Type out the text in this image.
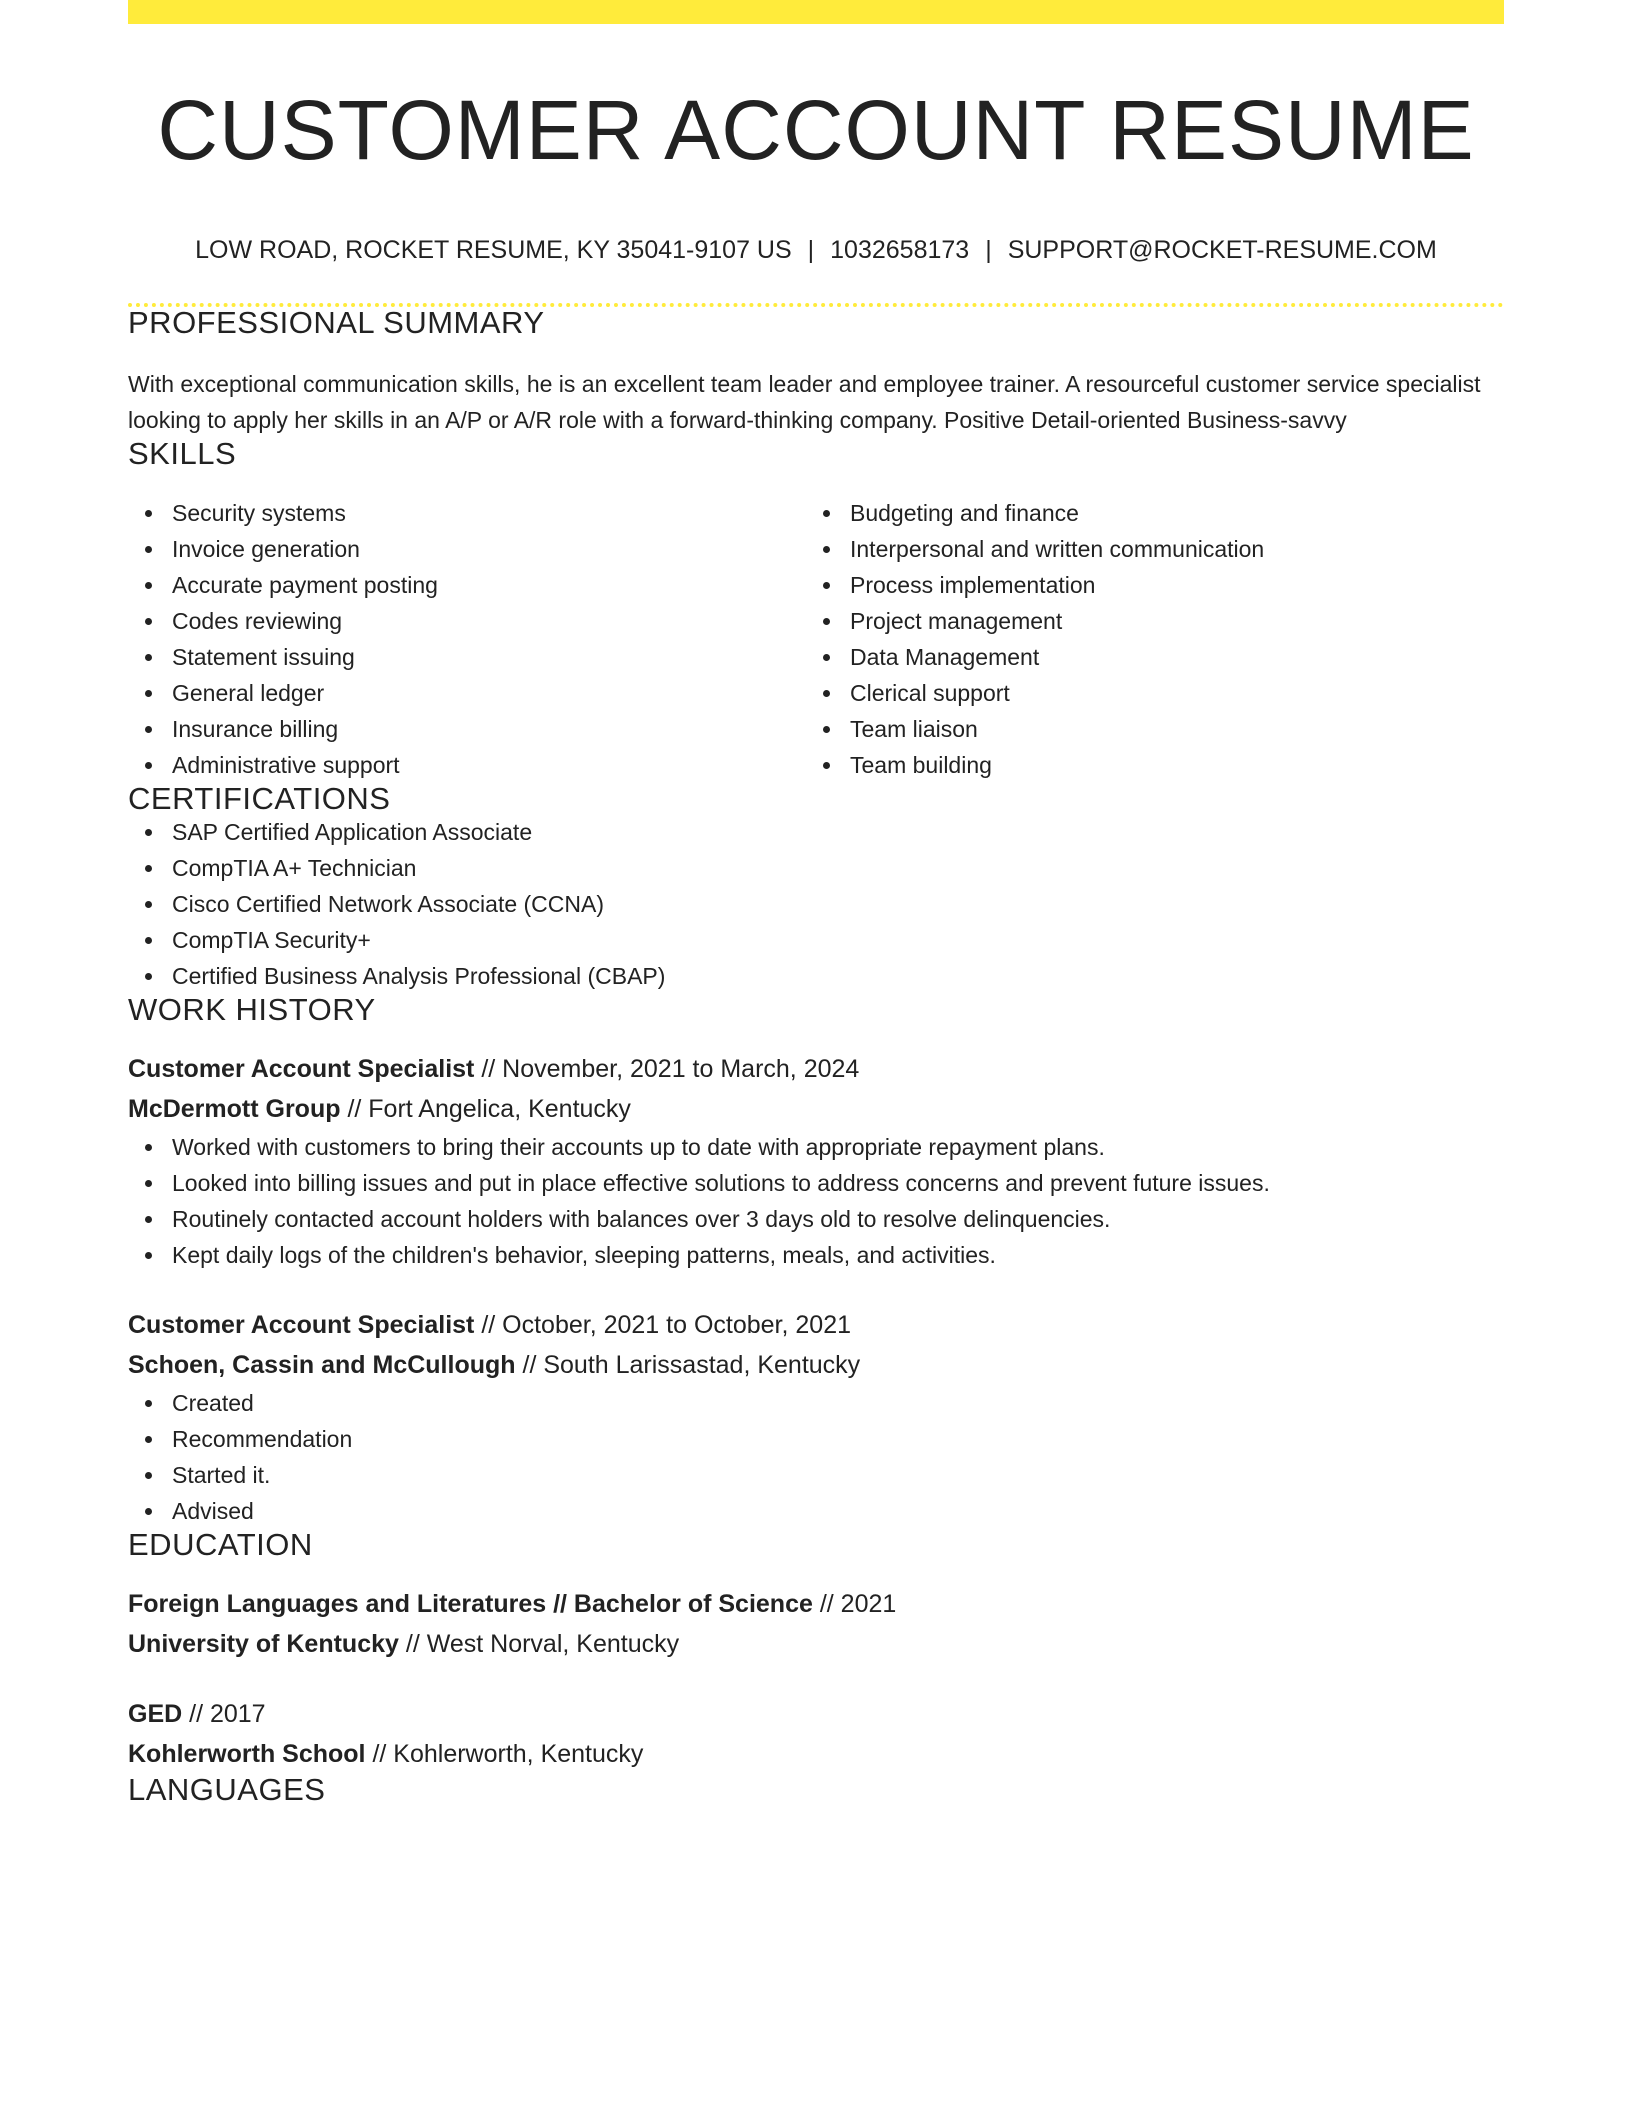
CUSTOMER ACCOUNT RESUME
LOW ROAD, ROCKET RESUME, KY 35041-9107 US | 1032658173 | SUPPORT@ROCKET-RESUME.COM
PROFESSIONAL SUMMARY

With exceptional communication skills, he is an excellent team leader and employee trainer. A resourceful customer service specialist looking to apply her skills in an A/P or A/R role with a forward-thinking company. Positive Detail-oriented Business-savvy

SKILLS
Security systems
Invoice generation
Accurate payment posting
Codes reviewing
Statement issuing
General ledger
Insurance billing
Administrative support
Budgeting and finance
Interpersonal and written communication
Process implementation
Project management
Data Management
Clerical support
Team liaison
Team building
CERTIFICATIONS
SAP Certified Application Associate
CompTIA A+ Technician
Cisco Certified Network Associate (CCNA)
CompTIA Security+
Certified Business Analysis Professional (CBAP)
WORK HISTORY
Customer Account Specialist // November, 2021 to March, 2024
McDermott Group // Fort Angelica, Kentucky
Worked with customers to bring their accounts up to date with appropriate repayment plans.
Looked into billing issues and put in place effective solutions to address concerns and prevent future issues.
Routinely contacted account holders with balances over 3 days old to resolve delinquencies.
Kept daily logs of the children's behavior, sleeping patterns, meals, and activities.
Customer Account Specialist // October, 2021 to October, 2021
Schoen, Cassin and McCullough // South Larissastad, Kentucky
Created
Recommendation
Started it.
Advised
EDUCATION
Foreign Languages and Literatures // Bachelor of Science // 2021
University of Kentucky // West Norval, Kentucky
GED // 2017
Kohlerworth School // Kohlerworth, Kentucky
LANGUAGES
